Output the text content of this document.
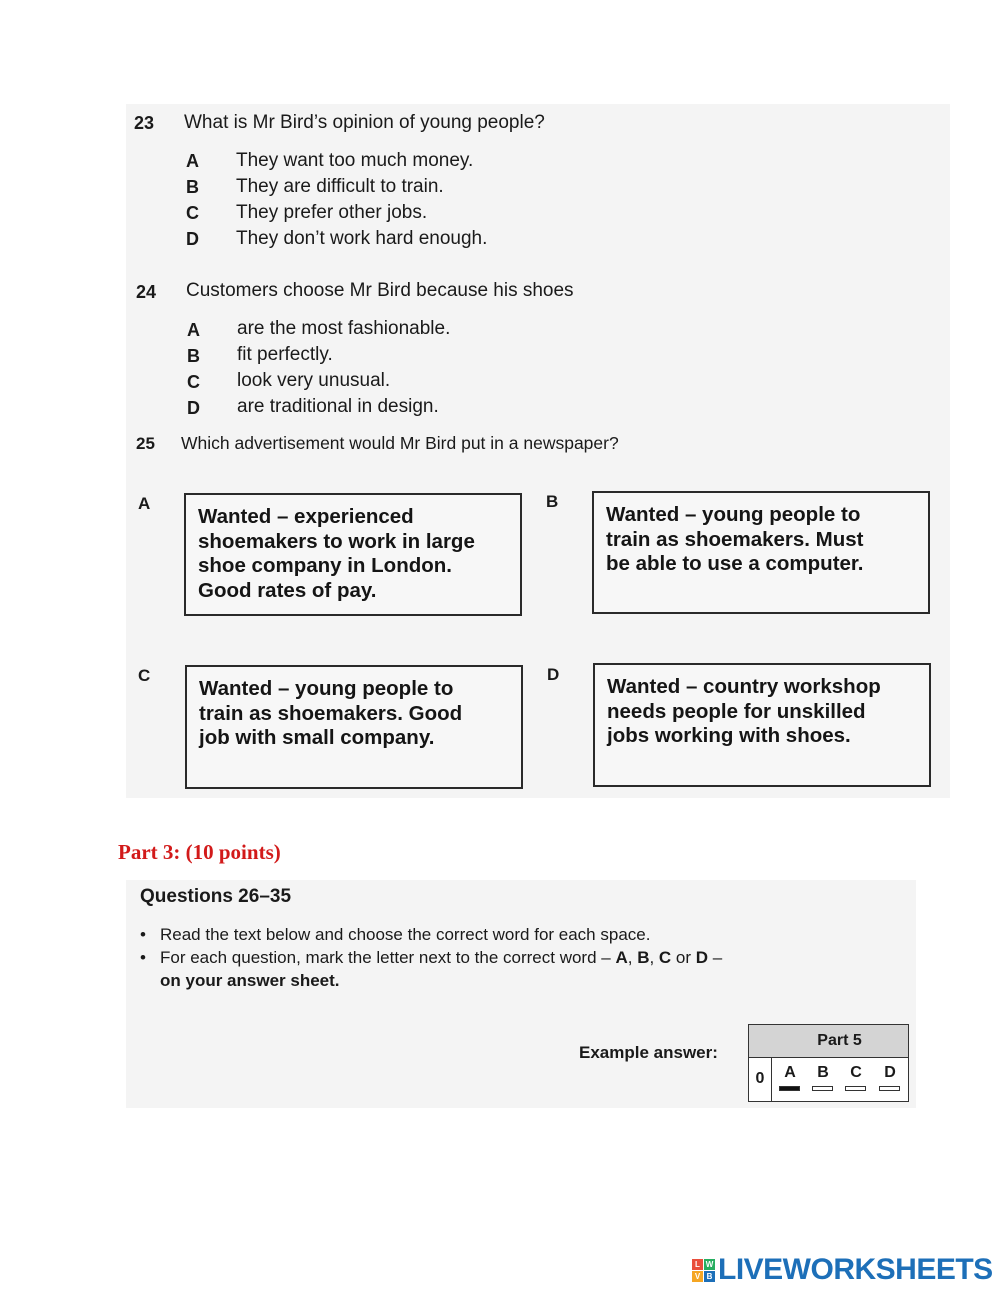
23 What is Mr Bird’s opinion of young people?
A They want too much money.
B They are difficult to train.
C They prefer other jobs.
D They don’t work hard enough.
24 Customers choose Mr Bird because his shoes
A are the most fashionable.
B fit perfectly.
C look very unusual.
D are traditional in design.
25 Which advertisement would Mr Bird put in a newspaper?
A
Wanted – experienced
shoemakers to work in large
shoe company in London.
Good rates of pay.
B
Wanted – young people to
train as shoemakers. Must
be able to use a computer.
C
Wanted – young people to
train as shoemakers. Good
job with small company.
D
Wanted – country workshop
needs people for unskilled
jobs working with shoes.
Part 3: (10 points)
Questions 26–35
• Read the text below and choose the correct word for each space.
• For each question, mark the letter next to the correct word – A, B, C or D –
on your answer sheet.
Example answer:
Part 5
0	A	B	C	D
L W
V B LIVEWORKSHEETS
